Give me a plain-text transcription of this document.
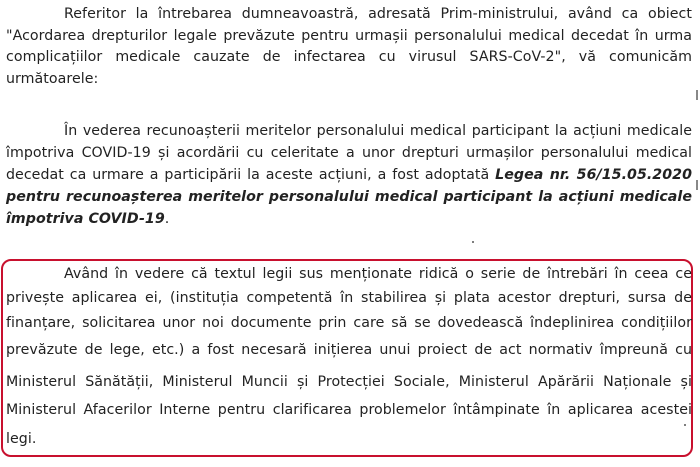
Referitor la întrebarea dumneavoastră, adresată Prim-ministrului, având ca obiect
"Acordarea drepturilor legale prevăzute pentru urmașii personalului medical decedat în urma
complicațiilor medicale cauzate de infectarea cu virusul SARS-CoV-2", vă comunicăm
următoarele:
În vederea recunoașterii meritelor personalului medical participant la acțiuni medicale
împotriva COVID-19 și acordării cu celeritate a unor drepturi urmașilor personalului medical
decedat ca urmare a participării la aceste acțiuni, a fost adoptată Legea nr. 56/15.05.2020
pentru recunoașterea meritelor personalului medical participant la acțiuni medicale
împotriva COVID-19.
Având în vedere că textul legii sus menționate ridică o serie de întrebări în ceea ce
privește aplicarea ei, (instituția competentă în stabilirea și plata acestor drepturi, sursa de
finanțare, solicitarea unor noi documente prin care să se dovedească îndeplinirea condițiilor
prevăzute de lege, etc.) a fost necesară inițierea unui proiect de act normativ împreună cu
Ministerul Sănătății, Ministerul Muncii și Protecției Sociale, Ministerul Apărării Naționale și
Ministerul Afacerilor Interne pentru clarificarea problemelor întâmpinate în aplicarea acestei
legi.
